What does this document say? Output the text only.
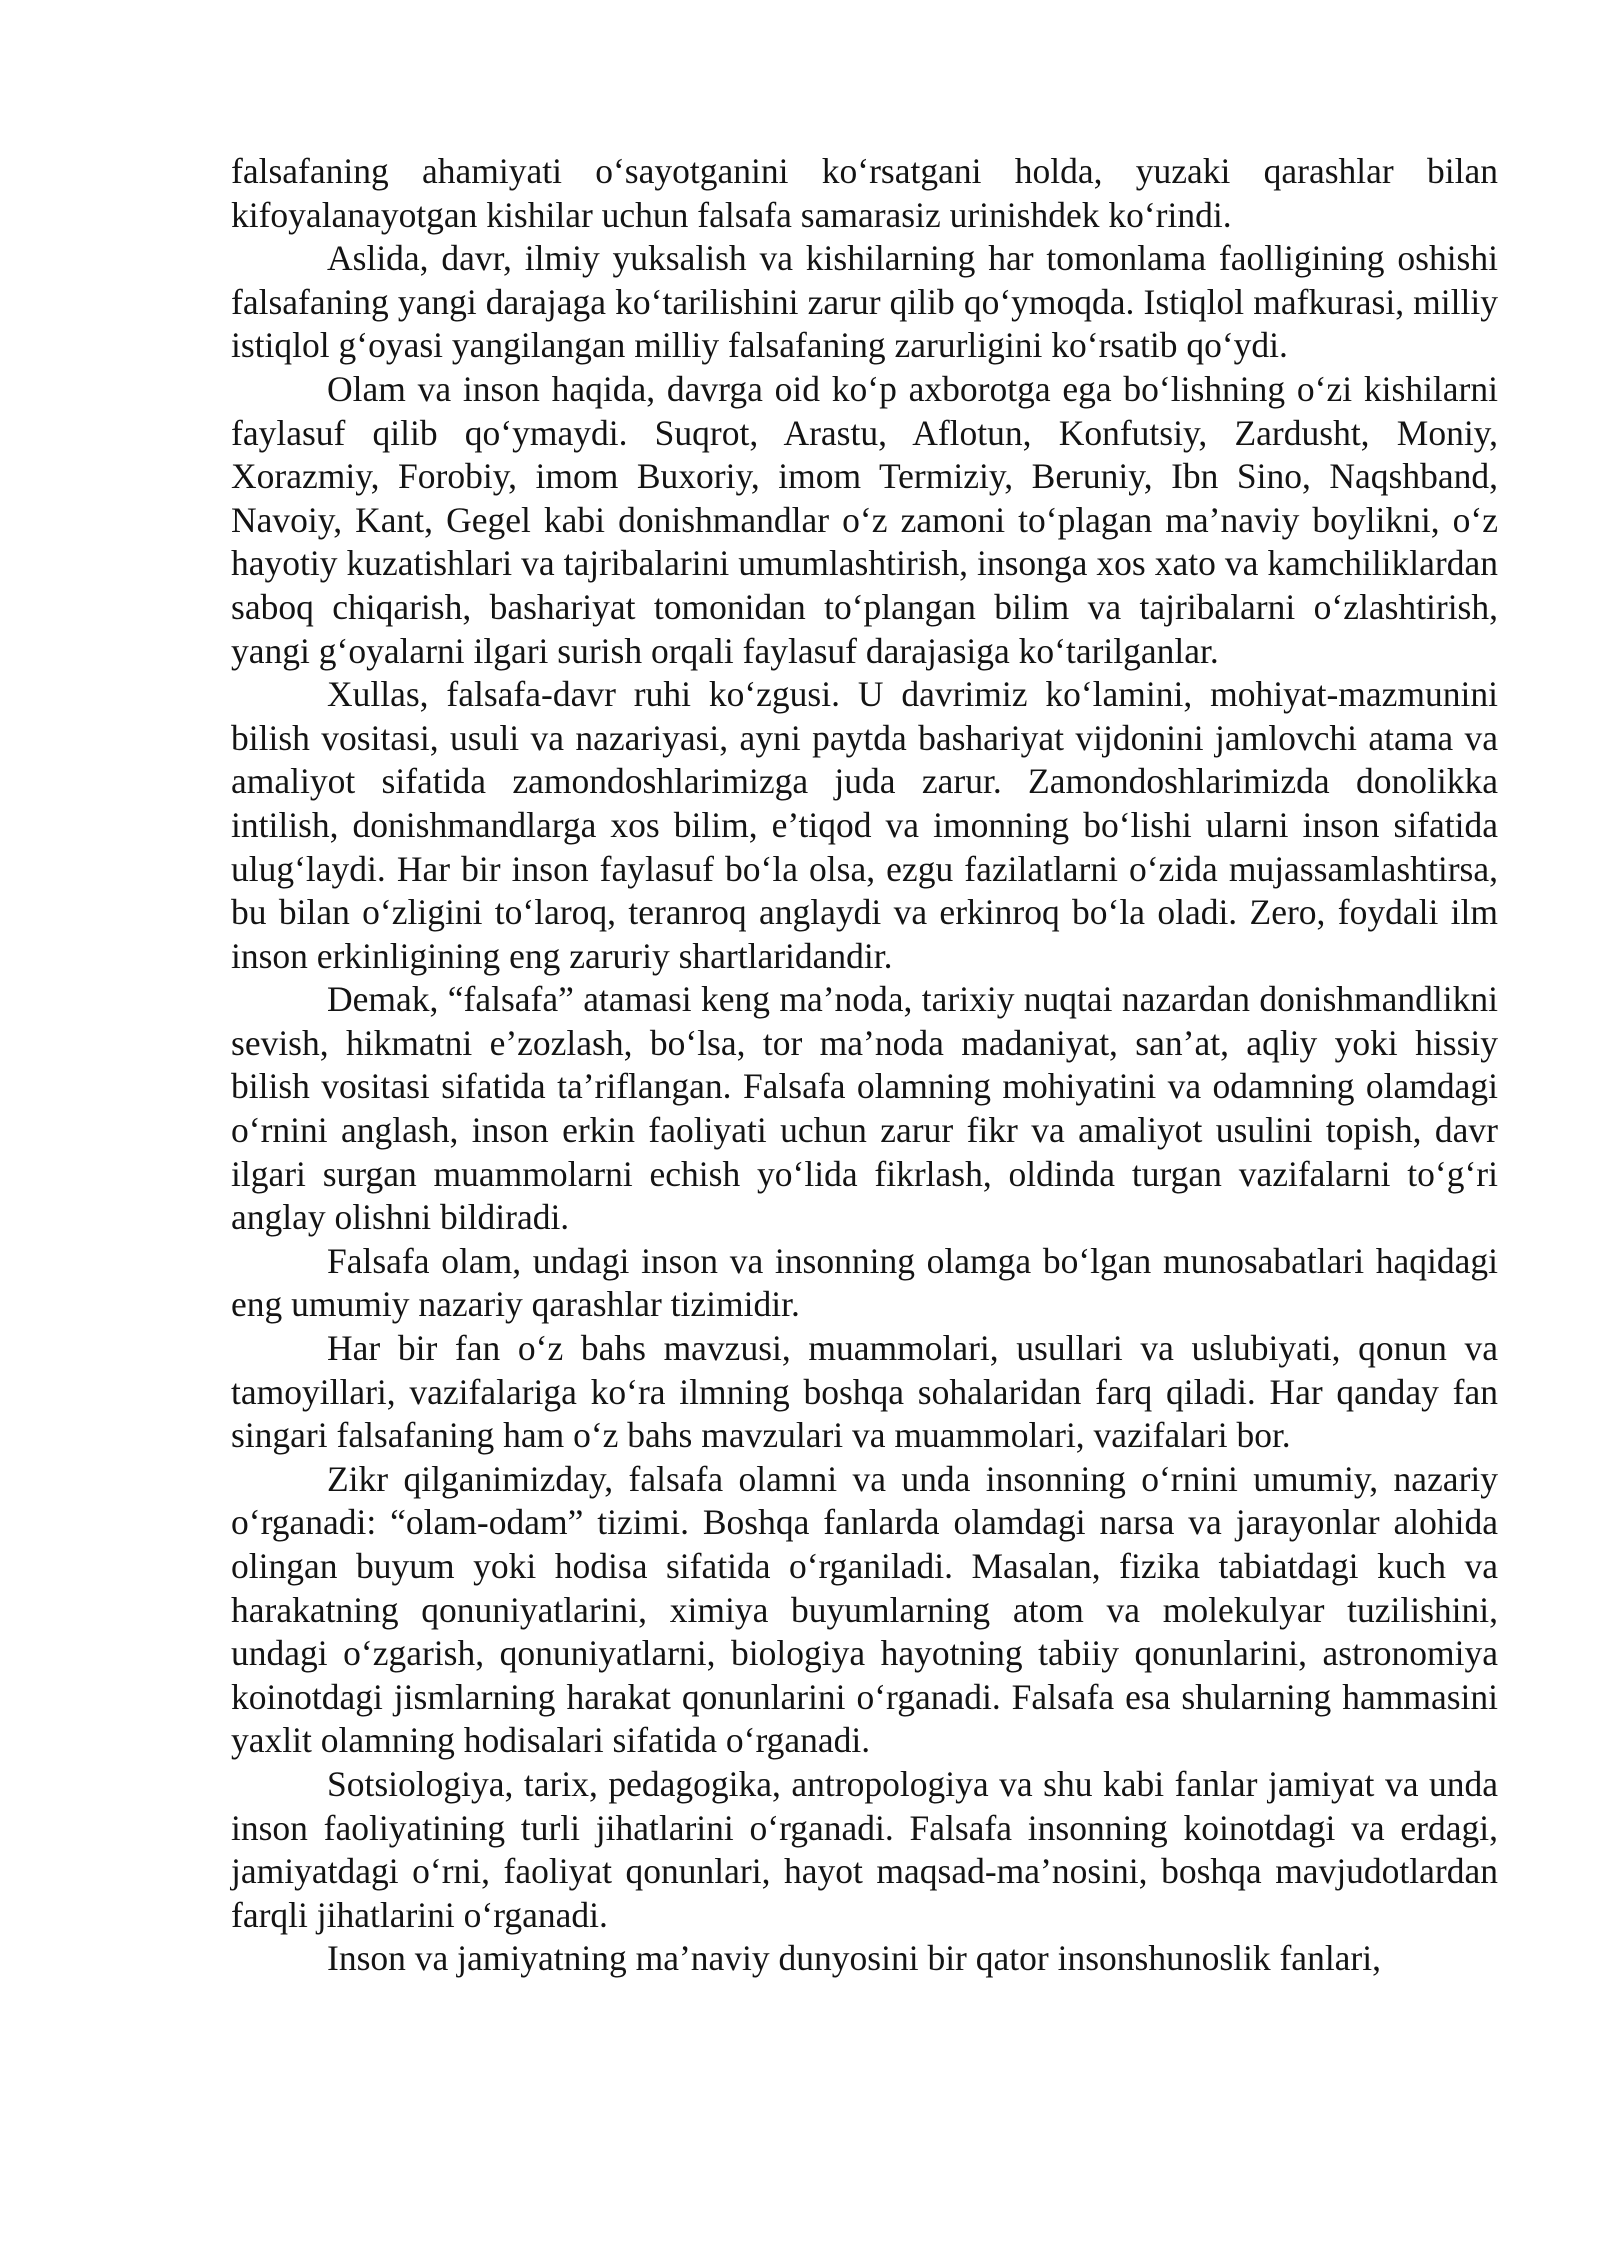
falsafaning ahamiyati o‘sayotganini ko‘rsatgani holda, yuzaki qarashlar bilan kifoyalanayotgan kishilar uchun falsafa samarasiz urinishdek ko‘rindi.

Aslida, davr, ilmiy yuksalish va kishilarning har tomonlama faolligining oshishi falsafaning yangi darajaga ko‘tarilishini zarur qilib qo‘ymoqda. Istiqlol mafkurasi, milliy istiqlol g‘oyasi yangilangan milliy falsafaning zarurligini ko‘rsatib qo‘ydi.

Olam va inson haqida, davrga oid ko‘p axborotga ega bo‘lishning o‘zi kishilarni faylasuf qilib qo‘ymaydi. Suqrot, Arastu, Aflotun, Konfutsiy, Zardusht, Moniy, Xorazmiy, Forobiy, imom Buxoriy, imom Termiziy, Beruniy, Ibn Sino, Naqshband, Navoiy, Kant, Gegel kabi donishmandlar o‘z zamoni to‘plagan ma’naviy boylikni, o‘z hayotiy kuzatishlari va tajribalarini umumlashtirish, insonga xos xato va kamchiliklardan saboq chiqarish, bashariyat tomonidan to‘plangan bilim va tajribalarni o‘zlashtirish, yangi g‘oyalarni ilgari surish orqali faylasuf darajasiga ko‘tarilganlar.

Xullas, falsafa-davr ruhi ko‘zgusi. U davrimiz ko‘lamini, mohiyat-mazmunini bilish vositasi, usuli va nazariyasi, ayni paytda bashariyat vijdonini jamlovchi atama va amaliyot sifatida zamondoshlarimizga juda zarur. Zamondoshlarimizda donolikka intilish, donishmandlarga xos bilim, e’tiqod va imonning bo‘lishi ularni inson sifatida ulug‘laydi. Har bir inson faylasuf bo‘la olsa, ezgu fazilatlarni o‘zida mujassamlashtirsa, bu bilan o‘zligini to‘laroq, teranroq anglaydi va erkinroq bo‘la oladi. Zero, foydali ilm inson erkinligining eng zaruriy shartlaridandir.

Demak, “falsafa” atamasi keng ma’noda, tarixiy nuqtai nazardan donishmandlikni sevish, hikmatni e’zozlash, bo‘lsa, tor ma’noda madaniyat, san’at, aqliy yoki hissiy bilish vositasi sifatida ta’riflangan. Falsafa olamning mohiyatini va odamning olamdagi o‘rnini anglash, inson erkin faoliyati uchun zarur fikr va amaliyot usulini topish, davr ilgari surgan muammolarni echish yo‘lida fikrlash, oldinda turgan vazifalarni to‘g‘ri anglay olishni bildiradi.

Falsafa olam, undagi inson va insonning olamga bo‘lgan munosabatlari haqidagi eng umumiy nazariy qarashlar tizimidir.

Har bir fan o‘z bahs mavzusi, muammolari, usullari va uslubiyati, qonun va tamoyillari, vazifalariga ko‘ra ilmning boshqa sohalaridan farq qiladi. Har qanday fan singari falsafaning ham o‘z bahs mavzulari va muammolari, vazifalari bor.

Zikr qilganimizday, falsafa olamni va unda insonning o‘rnini umumiy, nazariy o‘rganadi: “olam-odam” tizimi. Boshqa fanlarda olamdagi narsa va jarayonlar alohida olingan buyum yoki hodisa sifatida o‘rganiladi. Masalan, fizika tabiatdagi kuch va harakatning qonuniyatlarini, ximiya buyumlarning atom va molekulyar tuzilishini, undagi o‘zgarish, qonuniyatlarni, biologiya hayotning tabiiy qonunlarini, astronomiya koinotdagi jismlarning harakat qonunlarini o‘rganadi. Falsafa esa shularning hammasini yaxlit olamning hodisalari sifatida o‘rganadi.

Sotsiologiya, tarix, pedagogika, antropologiya va shu kabi fanlar jamiyat va unda inson faoliyatining turli jihatlarini o‘rganadi. Falsafa insonning koinotdagi va erdagi, jamiyatdagi o‘rni, faoliyat qonunlari, hayot maqsad-ma’nosini, boshqa mavjudotlardan farqli jihatlarini o‘rganadi.

Inson va jamiyatning ma’naviy dunyosini bir qator insonshunoslik fanlari,
